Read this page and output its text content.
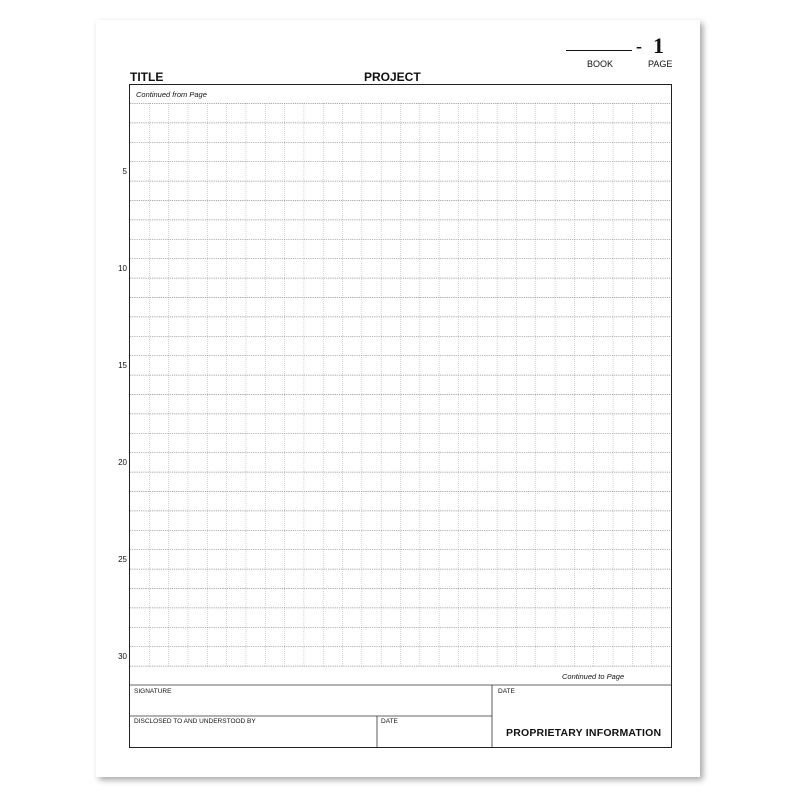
- 1
BOOK	PAGE
TITLE	PROJECT
Continued from Page
Continued to Page
5
10
15
20
25
30
SIGNATURE	DATE
DISCLOSED TO AND UNDERSTOOD BY	DATE
PROPRIETARY INFORMATION
